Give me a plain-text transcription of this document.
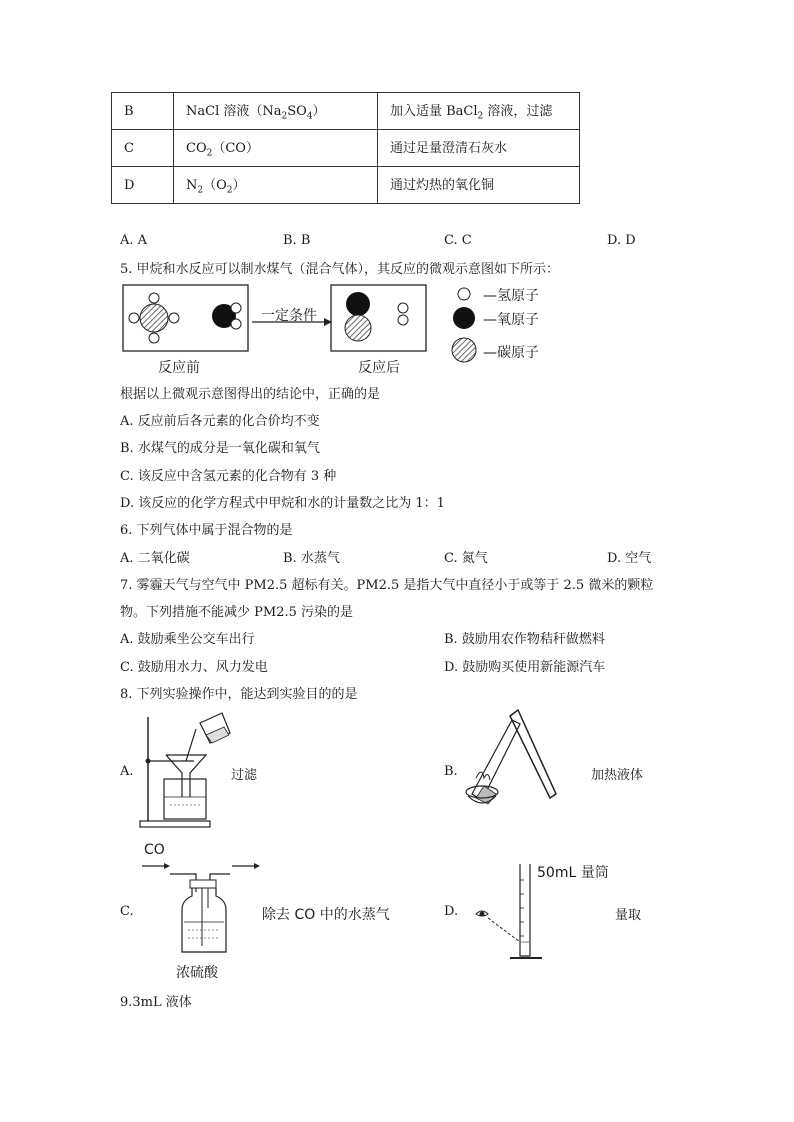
B	NaCl 溶液$(Na_2SO_4)$	加入适量 BaCl$_2$ 溶液，过滤
C	$CO_2(CO)$	通过足量澄清石灰水
D	$N_2(O_2)$	通过灼热的氧化铜
A. A	B. B	C. C	D. D
5. 甲烷和水反应可以制水煤气（混合气体），其反应的微观示意图如下所示：
一定条件
反应前	反应后
—氢原子
—氧原子
—碳原子
根据以上微观示意图得出的结论中，正确的是
A. 反应前后各元素的化合价均不变
B. 水煤气的成分是一氧化碳和氧气
C. 该反应中含氢元素的化合物有 3 种
D. 该反应的化学方程式中甲烷和水的计量数之比为 1：1
6. 下列气体中属于混合物的是
A. 二氧化碳	B. 水蒸气	C. 氮气	D. 空气
7. 雾霾天气与空气中 PM2.5 超标有关。PM2.5 是指大气中直径小于或等于 2.5 微米的颗粒
物。下列措施不能减少 PM2.5 污染的是
A. 鼓励乘坐公交车出行	B. 鼓励用农作物秸秆做燃料
C. 鼓励用水力、风力发电	D. 鼓励购买使用新能源汽车
8. 下列实验操作中，能达到实验目的的是
A.	过滤	B.	加热液体
CO
C.
浓硫酸
除去 CO 中的水蒸气	D.
50mL 量筒
量取
9.3mL 液体
